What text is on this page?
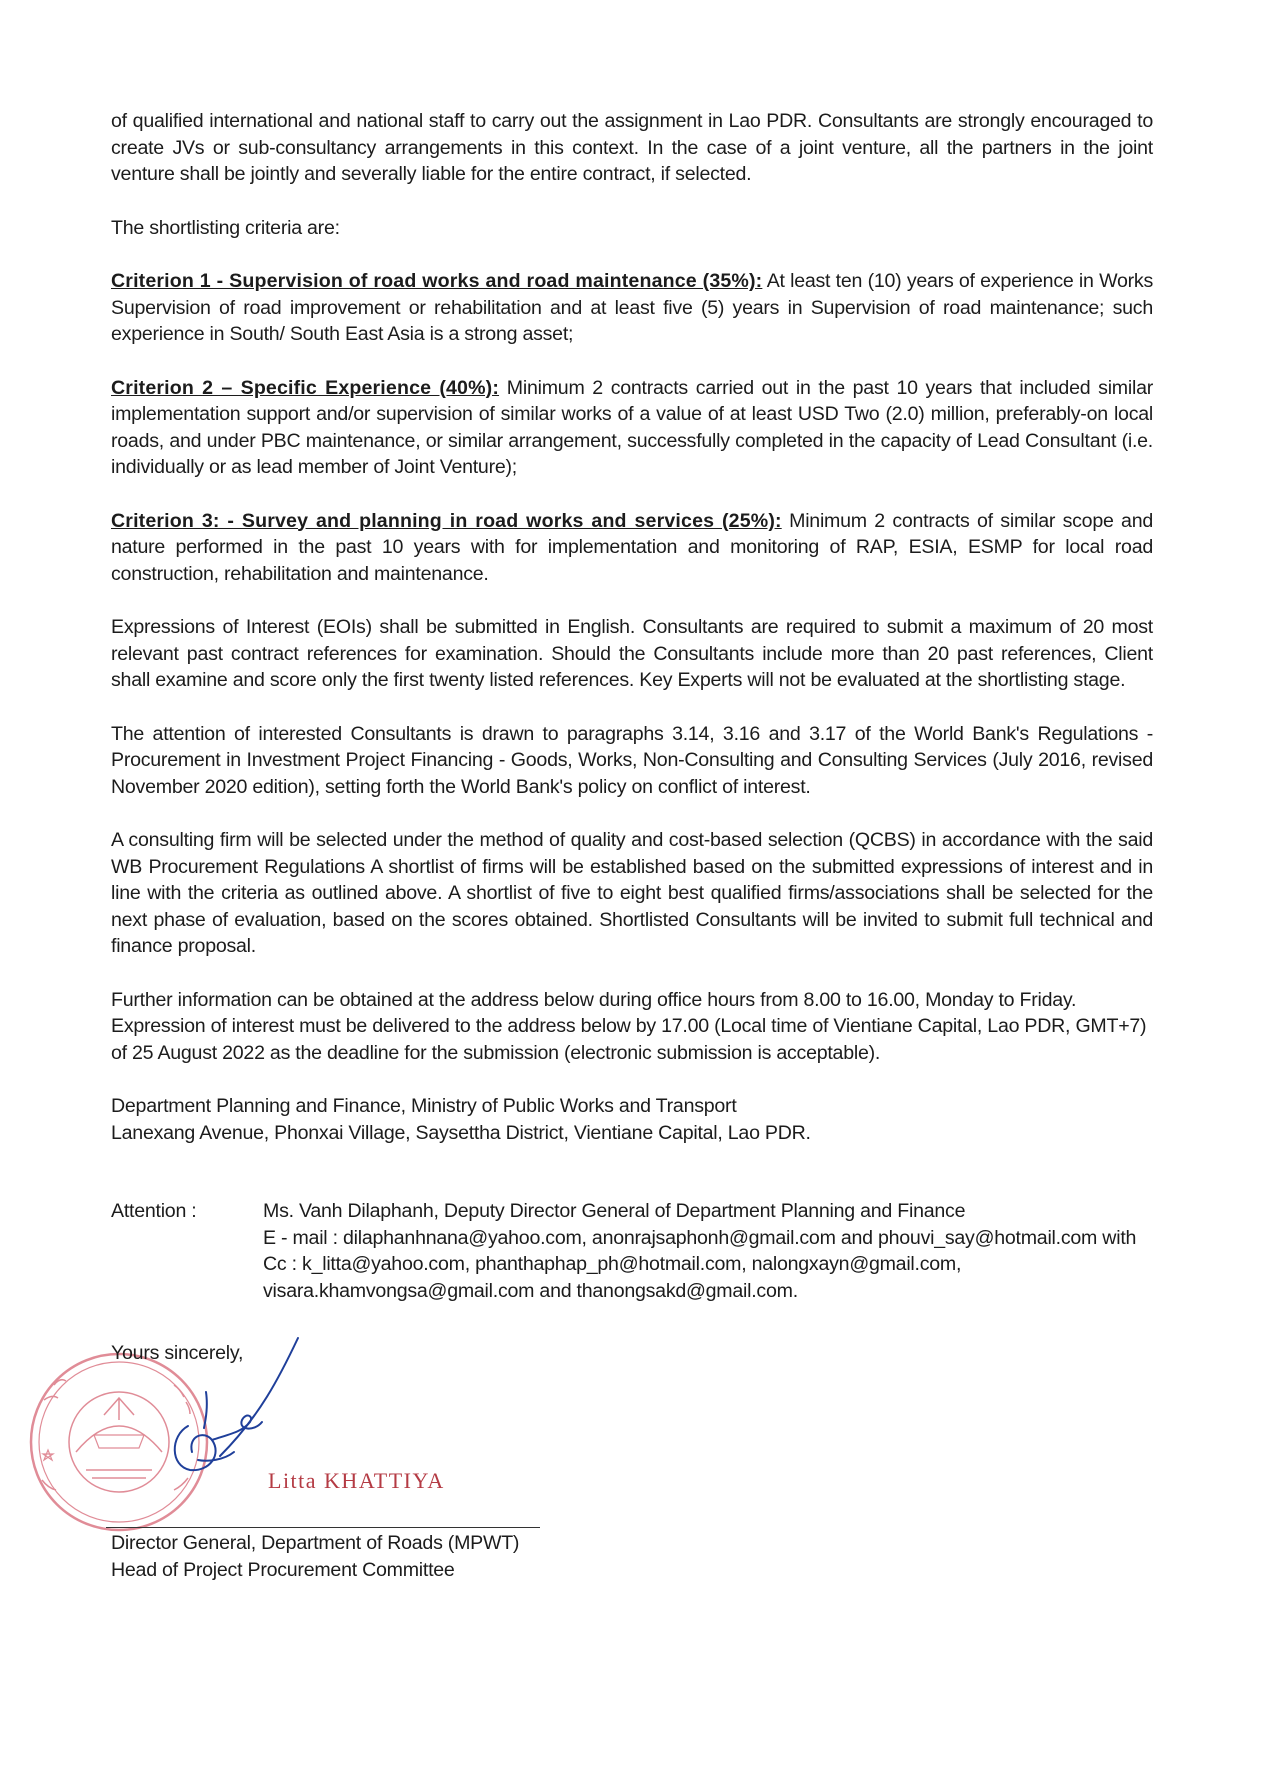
of qualified international and national staff to carry out the assignment in Lao PDR. Consultants are strongly encouraged to create JVs or sub-consultancy arrangements in this context. In the case of a joint venture, all the partners in the joint venture shall be jointly and severally liable for the entire contract, if selected.

The shortlisting criteria are:

Criterion 1 - Supervision of road works and road maintenance (35%): At least ten (10) years of experience in Works Supervision of road improvement or rehabilitation and at least five (5) years in Supervision of road maintenance; such experience in South/ South East Asia is a strong asset;

Criterion 2 – Specific Experience (40%): Minimum 2 contracts carried out in the past 10 years that included similar implementation support and/or supervision of similar works of a value of at least USD Two (2.0) million, preferably-on local roads, and under PBC maintenance, or similar arrangement, successfully completed in the capacity of Lead Consultant (i.e. individually or as lead member of Joint Venture);

Criterion 3: - Survey and planning in road works and services (25%): Minimum 2 contracts of similar scope and nature performed in the past 10 years with for implementation and monitoring of RAP, ESIA, ESMP for local road construction, rehabilitation and maintenance.

Expressions of Interest (EOIs) shall be submitted in English. Consultants are required to submit a maximum of 20 most relevant past contract references for examination. Should the Consultants include more than 20 past references, Client shall examine and score only the first twenty listed references. Key Experts will not be evaluated at the shortlisting stage.

The attention of interested Consultants is drawn to paragraphs 3.14, 3.16 and 3.17 of the World Bank's Regulations - Procurement in Investment Project Financing - Goods, Works, Non-Consulting and Consulting Services (July 2016, revised November 2020 edition), setting forth the World Bank's policy on conflict of interest.

A consulting firm will be selected under the method of quality and cost-based selection (QCBS) in accordance with the said WB Procurement Regulations A shortlist of firms will be established based on the submitted expressions of interest and in line with the criteria as outlined above. A shortlist of five to eight best qualified firms/associations shall be selected for the next phase of evaluation, based on the scores obtained. Shortlisted Consultants will be invited to submit full technical and finance proposal.

Further information can be obtained at the address below during office hours from 8.00 to 16.00, Monday to Friday. Expression of interest must be delivered to the address below by 17.00 (Local time of Vientiane Capital, Lao PDR, GMT+7) of 25 August 2022 as the deadline for the submission (electronic submission is acceptable).

Department Planning and Finance, Ministry of Public Works and Transport
Lanexang Avenue, Phonxai Village, Saysettha District, Vientiane Capital, Lao PDR.

Attention :	Ms. Vanh Dilaphanh, Deputy Director General of Department Planning and Finance
E - mail : dilaphanhnana@yahoo.com, anonrajsaphonh@gmail.com and phouvi_say@hotmail.com with
Cc : k_litta@yahoo.com, phanthaphap_ph@hotmail.com, nalongxayn@gmail.com,
visara.khamvongsa@gmail.com and thanongsakd@gmail.com.
Yours sincerely,
Litta KHATTIYA
Director General, Department of Roads (MPWT)
Head of Project Procurement Committee
